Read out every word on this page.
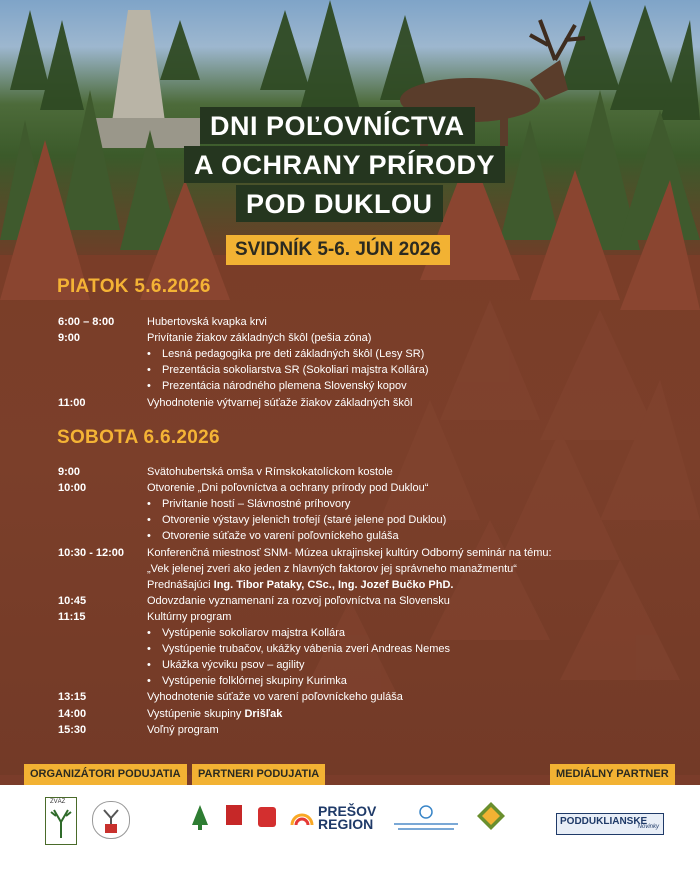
DNI POĽOVNÍCTVA
A OCHRANY PRÍRODY
POD DUKLOU
SVIDNÍK 5-6. JÚN 2026
PIATOK 5.6.2026
6:00 – 8:00	Hubertovská kvapka krvi
9:00	Privítanie žiakov základných škôl (pešia zóna)
• Lesná pedagogika pre deti základných škôl (Lesy SR)
• Prezentácia sokoliarstva SR (Sokoliari majstra Kollára)
• Prezentácia národného plemena Slovenský kopov
11:00	Vyhodnotenie výtvarnej súťaže žiakov základných škôl
SOBOTA 6.6.2026
9:00	Svätohubertská omša v Rímskokatolíckom kostole
10:00	Otvorenie „Dni poľovníctva a ochrany prírody pod Duklou“
• Privítanie hostí – Slávnostné príhovory
• Otvorenie výstavy jelenich trofejí (staré jelene pod Duklou)
• Otvorenie súťaže vo varení poľovníckeho guláša
10:30 - 12:00 Konferenčná miestnosť SNM- Múzea ukrajinskej kultúry Odborný seminár na tému:
„Vek jelenej zveri ako jeden z hlavných faktorov jej správneho manažmentu“
Prednášajúci Ing. Tibor Pataky, CSc., Ing. Jozef Bučko PhD.
10:45	Odovzdanie vyznamenaní za rozvoj poľovníctva na Slovensku
11:15	Kultúrny program
• Vystúpenie sokoliarov majstra Kollára
• Vystúpenie trubačov, ukážky vábenia zveri Andreas Nemes
• Ukážka výcviku psov – agility
• Vystúpenie folklórnej skupiny Kurimka
13:15	Vyhodnotenie súťaže vo varení poľovníckeho guláša
14:00	Vystúpenie skupiny Drišľak
15:30	Voľný program
ORGANIZÁTORI PODUJATIA	PARTNERI PODUJATIA	MEDIÁLNY PARTNER
ZVÄZ
PREŠOV
REGION	PODDUKLIANSKE
Novinky
